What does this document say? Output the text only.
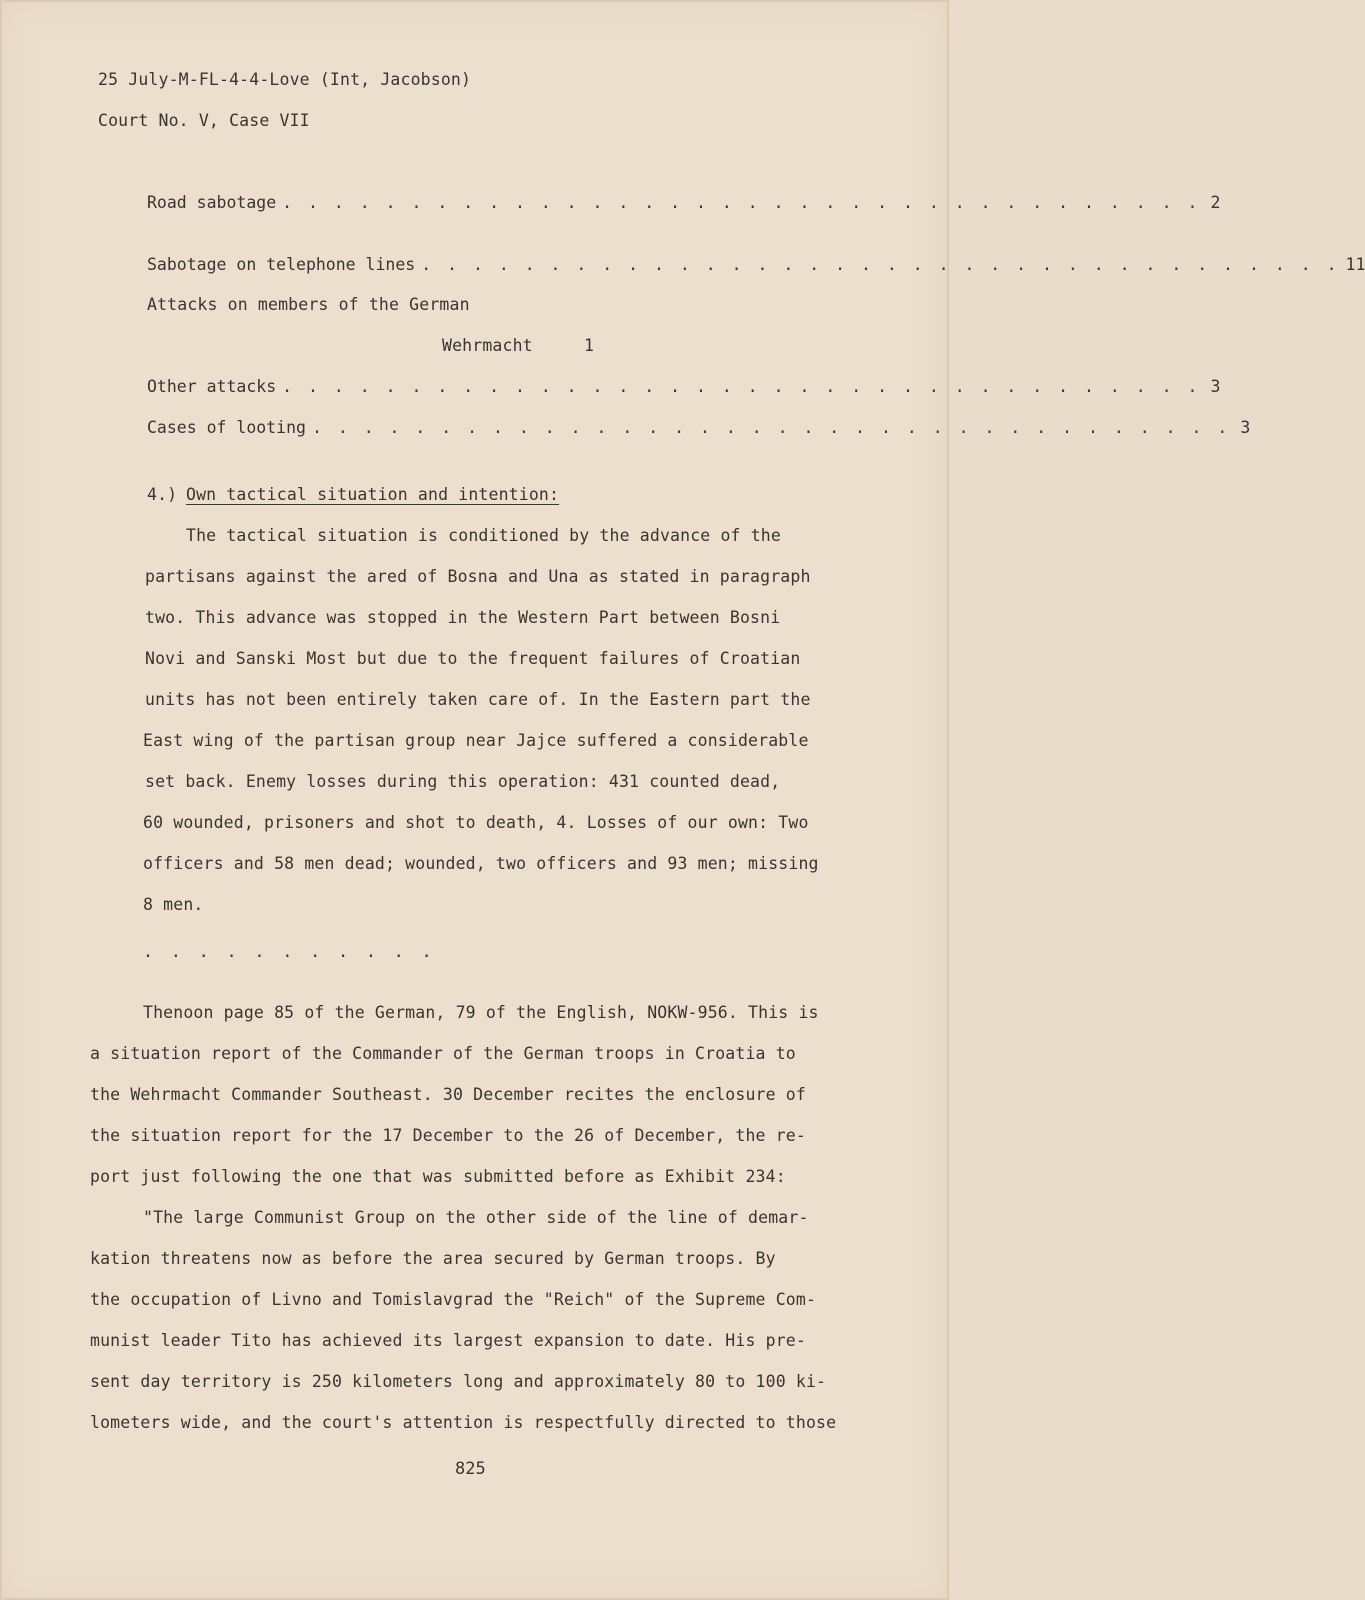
25 July-M-FL-4-4-Love (Int, Jacobson)
Court No. V, Case VII
Road sabotage . . . . . . . . . . . . . . . . . . . . . . . . . . . . . . . . . . . . 2
Sabotage on telephone lines . . . . . . . . . . . . . . . . . . . . . . . . . . . . . . . . . . . . 11
Attacks on members of the German
Wehrmacht	1
Other attacks . . . . . . . . . . . . . . . . . . . . . . . . . . . . . . . . . . . . 3
Cases of looting . . . . . . . . . . . . . . . . . . . . . . . . . . . . . . . . . . . . 3
4.) Own tactical situation and intention:
The tactical situation is conditioned by the advance of the
partisans against the ared of Bosna and Una as stated in paragraph
two. This advance was stopped in the Western Part between Bosni
Novi and Sanski Most but due to the frequent failures of Croatian
units has not been entirely taken care of. In the Eastern part the
East wing of the partisan group near Jajce suffered a considerable
set back. Enemy losses during this operation: 431 counted dead,
60 wounded, prisoners and shot to death, 4. Losses of our own: Two
officers and 58 men dead; wounded, two officers and 93 men; missing
8 men.
. . . . . . . . . . .
Thenoon page 85 of the German, 79 of the English, NOKW-956. This is
a situation report of the Commander of the German troops in Croatia to
the Wehrmacht Commander Southeast. 30 December recites the enclosure of
the situation report for the 17 December to the 26 of December, the re-
port just following the one that was submitted before as Exhibit 234:
"The large Communist Group on the other side of the line of demar-
kation threatens now as before the area secured by German troops. By
the occupation of Livno and Tomislavgrad the "Reich" of the Supreme Com-
munist leader Tito has achieved its largest expansion to date. His pre-
sent day territory is 250 kilometers long and approximately 80 to 100 ki-
lometers wide, and the court's attention is respectfully directed to those
825
